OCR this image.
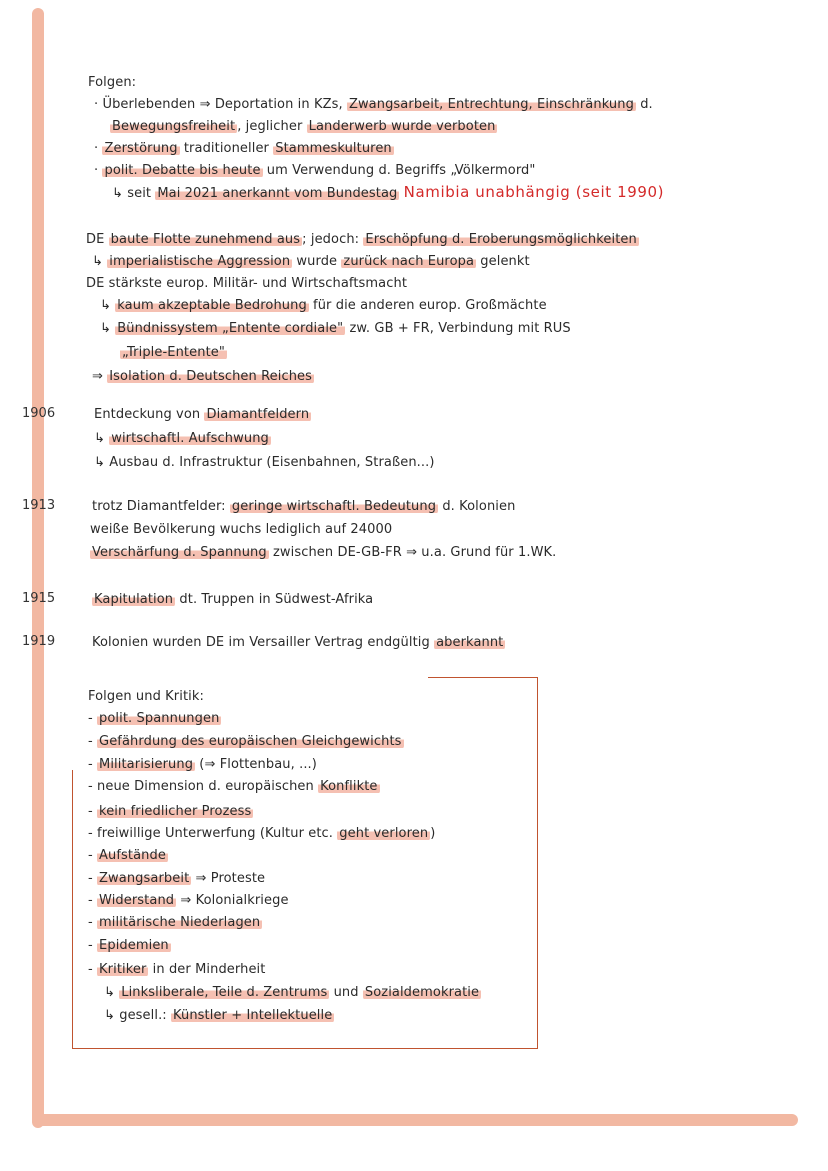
Folgen:
· Überlebenden ⇒ Deportation in KZs, Zwangsarbeit, Entrechtung, Einschränkung d.
Bewegungsfreiheit , jeglicher Landerwerb wurde verboten
· Zerstörung traditioneller Stammeskulturen
· polit. Debatte bis heute um Verwendung d. Begriffs „Völkermord"
↳ seit Mai 2021 anerkannt vom Bundestag Namibia unabhängig (seit 1990)
DE baute Flotte zunehmend aus ; jedoch: Erschöpfung d. Eroberungsmöglichkeiten
↳ imperialistische Aggression wurde zurück nach Europa gelenkt
DE stärkste europ. Militär- und Wirtschaftsmacht
↳ kaum akzeptable Bedrohung für die anderen europ. Großmächte
↳ Bündnissystem „Entente cordiale" zw. GB + FR, Verbindung mit RUS
„Triple-Entente"
⇒ Isolation d. Deutschen Reiches
1906	Entdeckung von Diamantfeldern
↳ wirtschaftl. Aufschwung
↳ Ausbau d. Infrastruktur (Eisenbahnen, Straßen...)
1913	trotz Diamantfelder: geringe wirtschaftl. Bedeutung d. Kolonien
weiße Bevölkerung wuchs lediglich auf 24000
Verschärfung d. Spannung zwischen DE-GB-FR ⇒ u.a. Grund für 1.WK.
1915	Kapitulation dt. Truppen in Südwest-Afrika
1919	Kolonien wurden DE im Versailler Vertrag endgültig aberkannt
Folgen und Kritik:
- polit. Spannungen
- Gefährdung des europäischen Gleichgewichts
- Militarisierung (⇒ Flottenbau, ...)
- neue Dimension d. europäischen Konflikte
- kein friedlicher Prozess
- freiwillige Unterwerfung (Kultur etc. geht verloren )
- Aufstände
- Zwangsarbeit ⇒ Proteste
- Widerstand ⇒ Kolonialkriege
- militärische Niederlagen
- Epidemien
- Kritiker in der Minderheit
↳ Linksliberale, Teile d. Zentrums und Sozialdemokratie
↳ gesell.: Künstler + Intellektuelle
